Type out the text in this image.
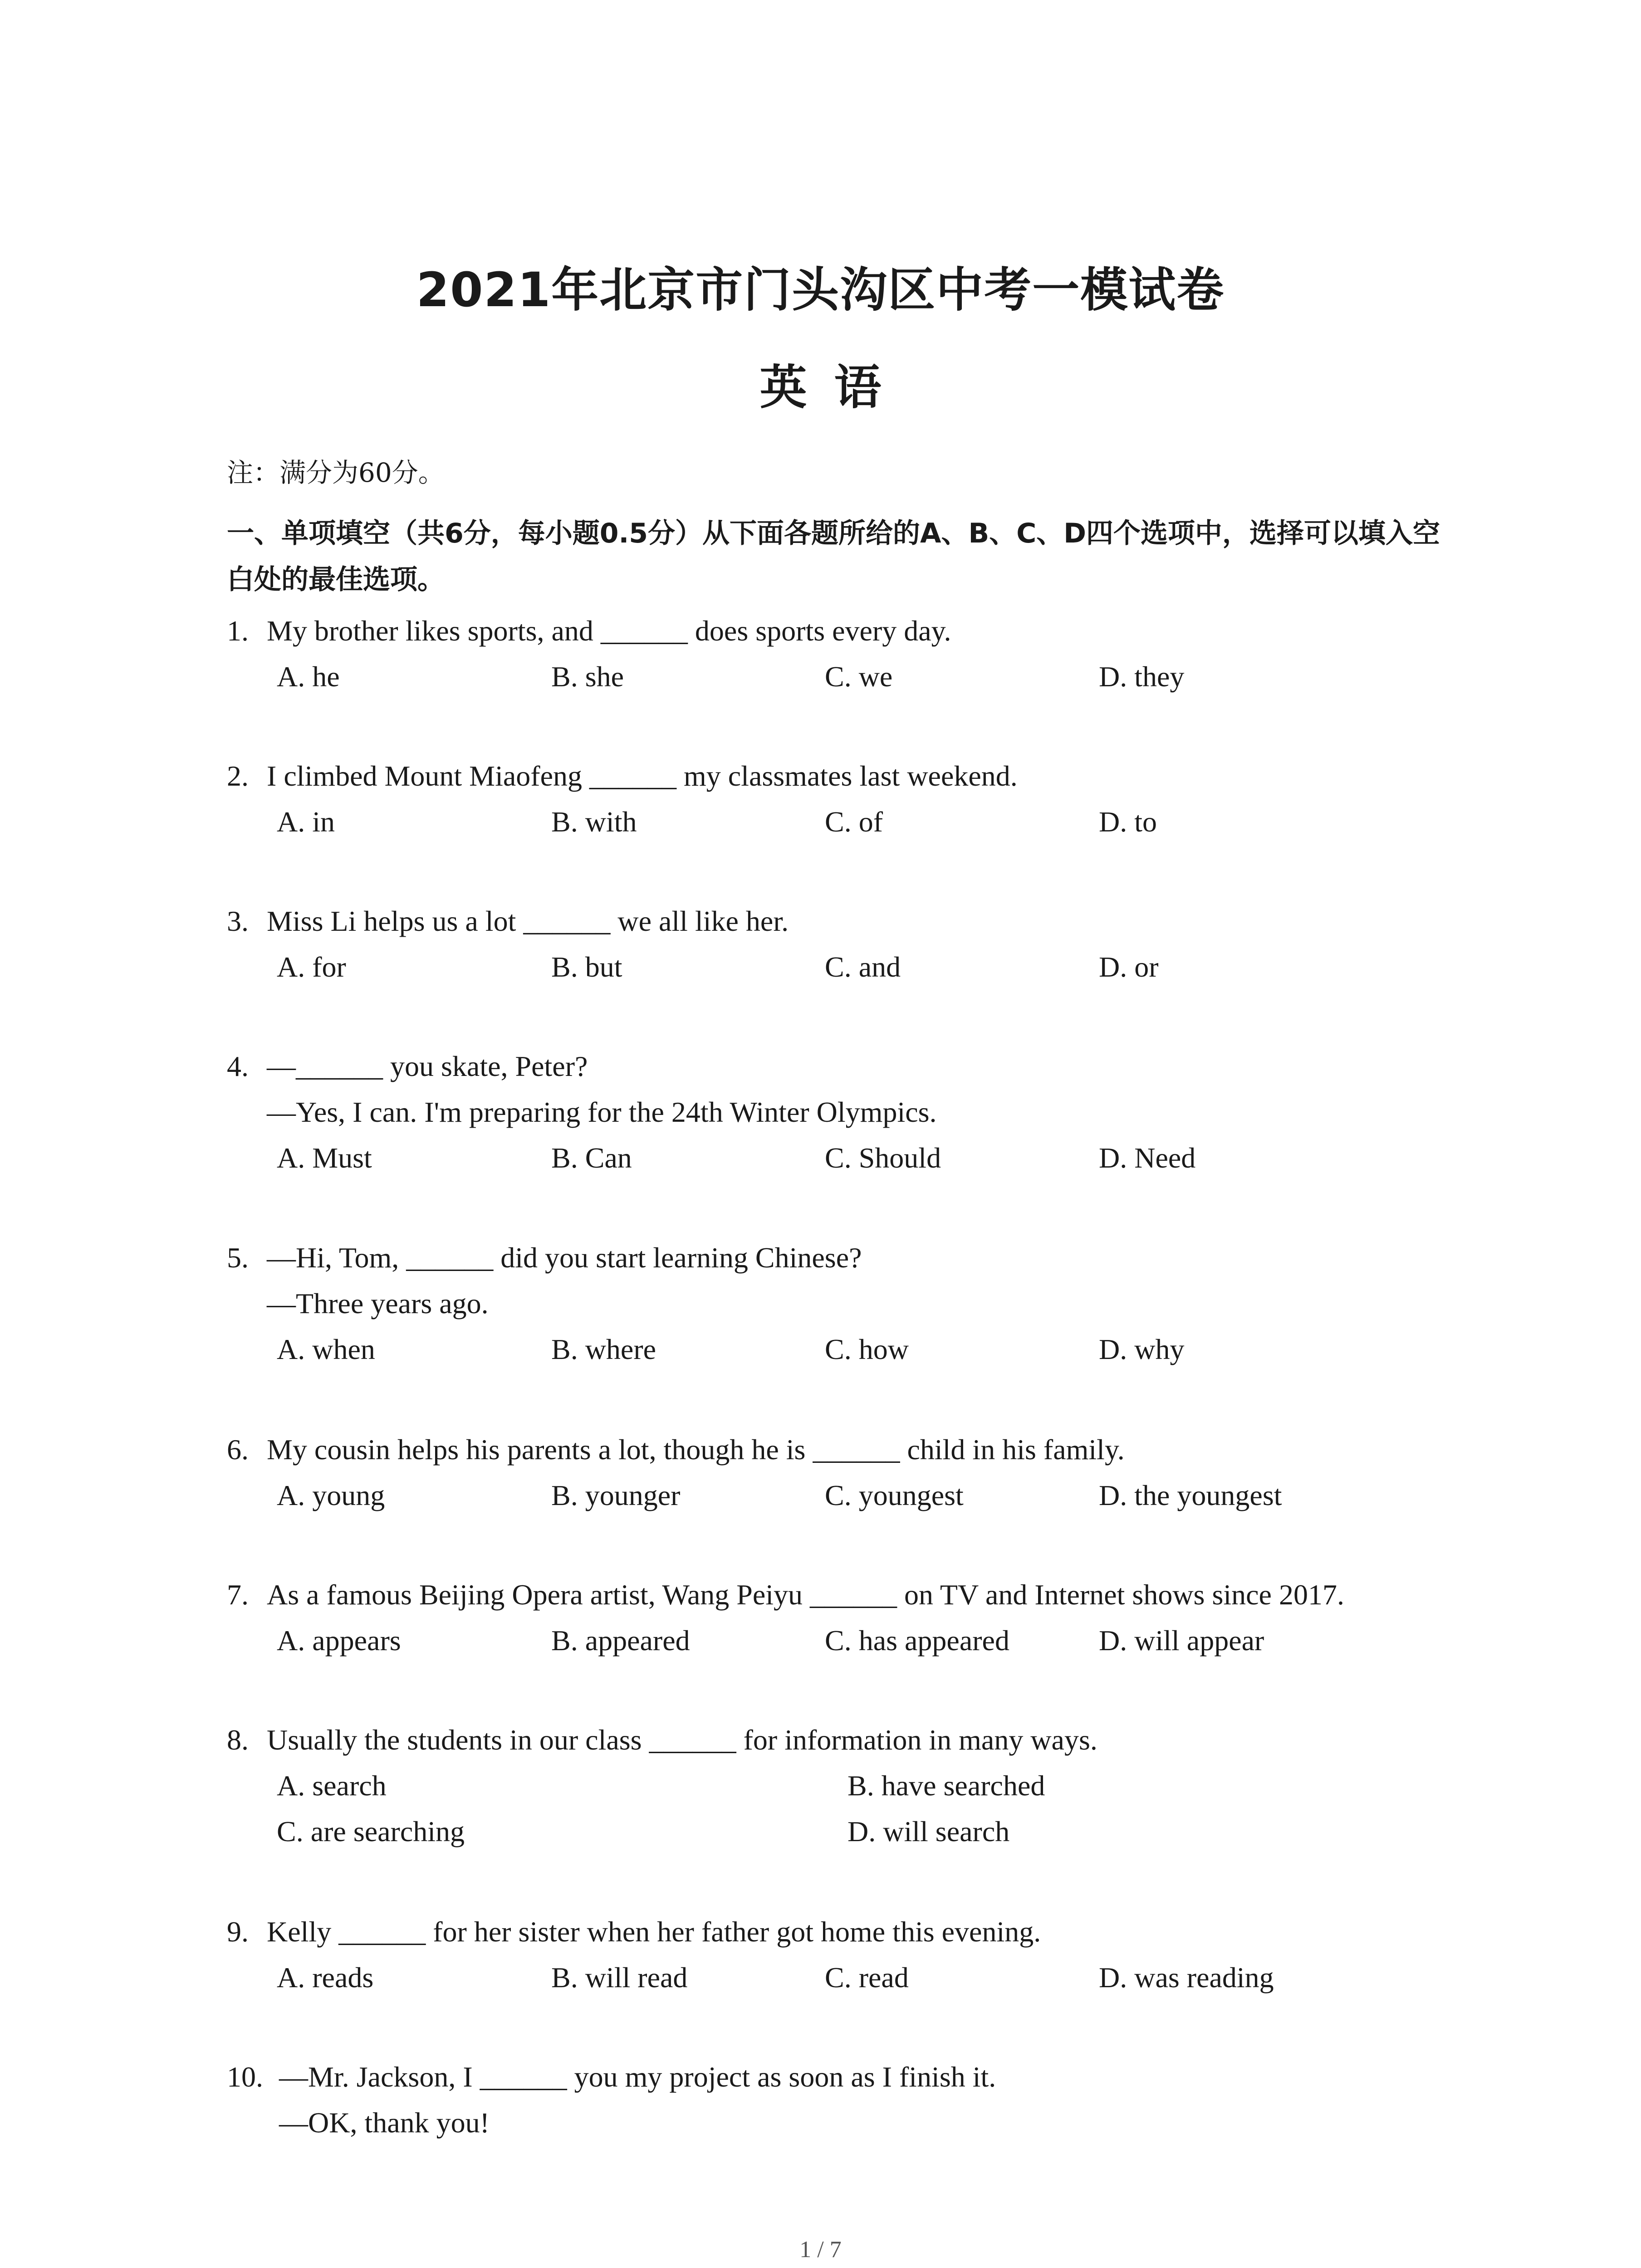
2021年北京市门头沟区中考一模试卷
英语
注：满分为60分。
一、单项填空（共6分，每小题0.5分）从下面各题所给的A、B、C、D四个选项中，选择可以填入空白处的最佳选项。
1. My brother likes sports, and ______ does sports every day.
A. he	B. she	C. we	D. they
2. I climbed Mount Miaofeng ______ my classmates last weekend.
A. in	B. with	C. of	D. to
3. Miss Li helps us a lot ______ we all like her.
A. for	B. but	C. and	D. or
4. —______ you skate, Peter?
—Yes, I can. I'm preparing for the 24th Winter Olympics.
A. Must	B. Can	C. Should	D. Need
5. —Hi, Tom, ______ did you start learning Chinese?
—Three years ago.
A. when	B. where	C. how	D. why
6. My cousin helps his parents a lot, though he is ______ child in his family.
A. young	B. younger	C. youngest	D. the youngest
7. As a famous Beijing Opera artist, Wang Peiyu ______ on TV and Internet shows since 2017.
A. appears	B. appeared	C. has appeared	D. will appear
8. Usually the students in our class ______ for information in many ways.
A. search	B. have searched
C. are searching	D. will search
9. Kelly ______ for her sister when her father got home this evening.
A. reads	B. will read	C. read	D. was reading
10. —Mr. Jackson, I ______ you my project as soon as I finish it.
—OK, thank you!
1 / 7
